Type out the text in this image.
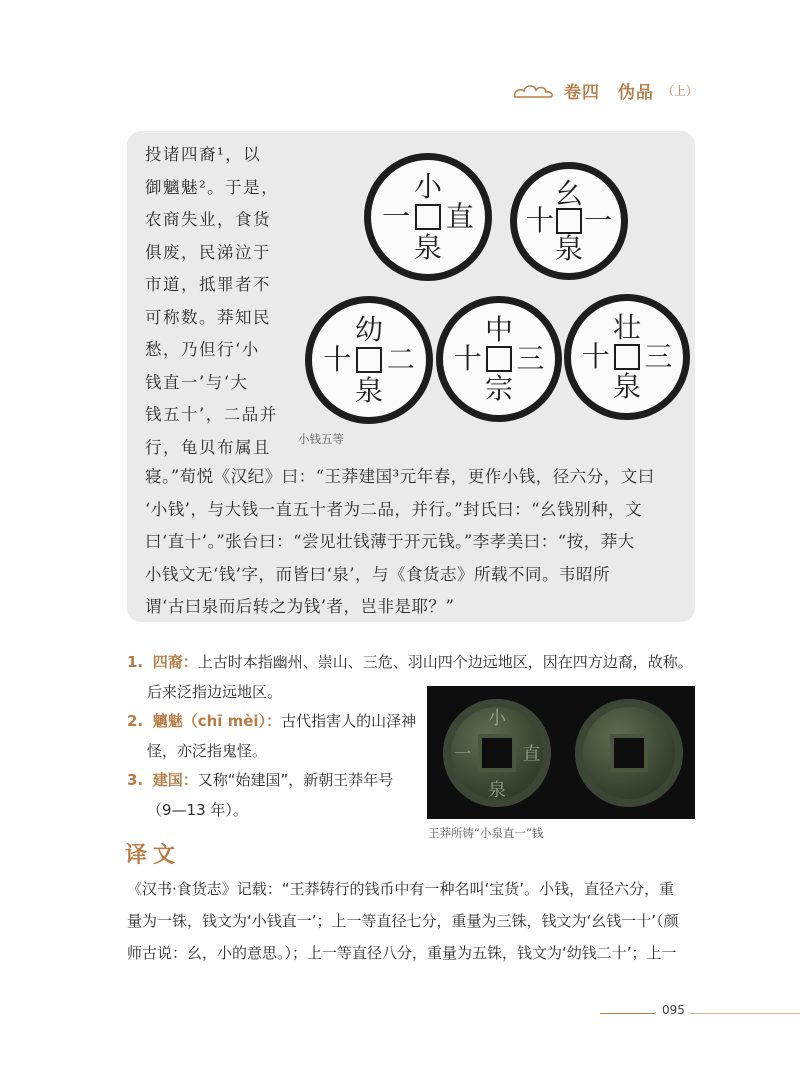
卷四　伪品 （上）
投诸四裔¹，以
御魑魅²。于是，
农商失业，食货
俱废，民涕泣于
市道，抵罪者不
可称数。莽知民
愁，乃但行‘小
钱直一’与‘大
钱五十’，二品并
行，龟贝布属且
小
一 直
泉
幺
十 一
泉
幼
十 二
泉
中
十 三
宗
壮
十 三
泉
小钱五等
寝。”荀悦《汉纪》曰：“王莽建国³元年春，更作小钱，径六分，文曰
‘小钱’，与大钱一直五十者为二品，并行。”封氏曰：“幺钱别种，文
曰‘直十’。”张台曰：“尝见壮钱薄于开元钱。”李孝美曰：“按，莽大
小钱文无‘钱’字，而皆曰‘泉’，与《食货志》所载不同。韦昭所
谓‘古曰泉而后转之为钱’者，岂非是耶？”
1. 四裔：上古时本指幽州、崇山、三危、羽山四个边远地区，因在四方边裔，故称。
后来泛指边远地区。
2. 魑魅（chī mèi）：古代指害人的山泽神
怪，亦泛指鬼怪。
3. 建国：又称“始建国”，新朝王莽年号
（9—13 年）。
小
一	直
泉
王莽所铸“小泉直一”钱
译文
《汉书·食货志》记载：“王莽铸行的钱币中有一种名叫‘宝货’。小钱，直径六分，重
量为一铢，钱文为‘小钱直一’；上一等直径七分，重量为三铢，钱文为‘幺钱一十’（颜
师古说：幺，小的意思。）；上一等直径八分，重量为五铢，钱文为‘幼钱二十’；上一
095
